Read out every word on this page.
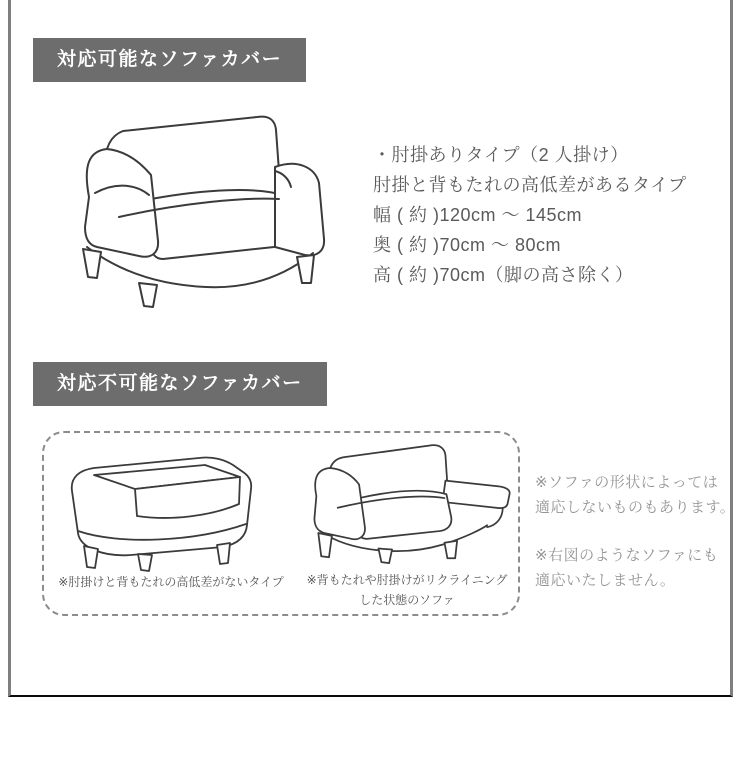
対応可能なソファカバー
・肘掛ありタイプ（2 人掛け）
肘掛と背もたれの高低差があるタイプ
幅 ( 約 )120cm 〜 145cm
奥 ( 約 )70cm 〜 80cm
高 ( 約 )70cm（脚の高さ除く）
対応不可能なソファカバー
※肘掛けと背もたれの高低差がないタイプ	※背もたれや肘掛けがリクライニング
した状態のソファ

※ソファの形状によっては
適応しないものもあります。

※右図のようなソファにも
適応いたしません。
